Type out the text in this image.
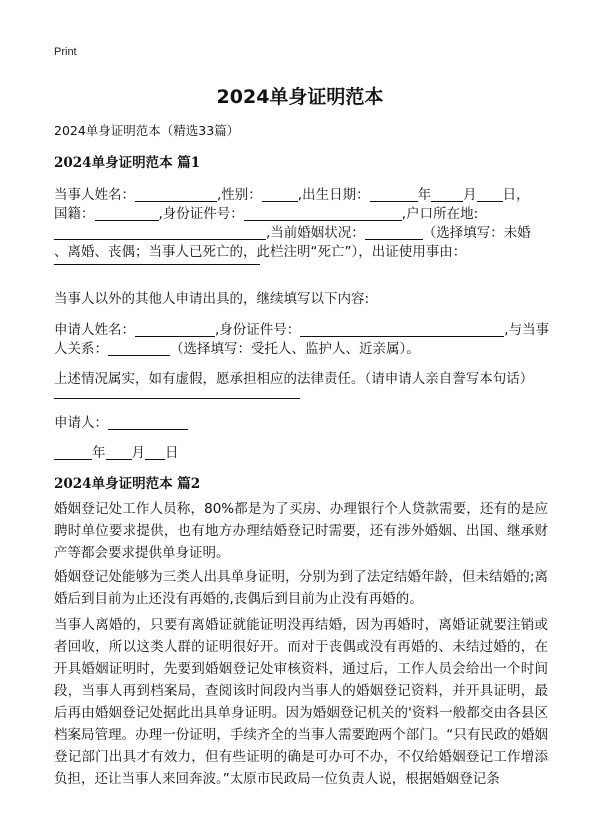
Print
2024单身证明范本
2024单身证明范本（精选33篇）
2024单身证明范本 篇1
当事人姓名：	,性别：	,出生日期：	年 月 日，
国籍：	,身份证件号：	,户口所在地:
,当前婚姻状况：	（选择填写：未婚
、离婚、丧偶；当事人已死亡的，此栏注明“死亡”），出证使用事由：
当事人以外的其他人申请出具的，继续填写以下内容:
申请人姓名：	,身份证件号：	,与当事
人关系：	（选择填写：受托人、监护人、近亲属）。
上述情况属实，如有虚假，愿承担相应的法律责任。（请申请人亲自誊写本句话）
申请人：
年 月 日
2024单身证明范本 篇2
婚姻登记处工作人员称，80%都是为了买房、办理银行个人贷款需要，还有的是应聘时单位要求提供，也有地方办理结婚登记时需要，还有涉外婚姻、出国、继承财产等都会要求提供单身证明。
婚姻登记处能够为三类人出具单身证明，分别为到了法定结婚年龄，但未结婚的;离婚后到目前为止还没有再婚的,丧偶后到目前为止没有再婚的。
当事人离婚的，只要有离婚证就能证明没再结婚，因为再婚时，离婚证就要注销或者回收，所以这类人群的证明很好开。而对于丧偶或没有再婚的、未结过婚的，在开具婚姻证明时，先要到婚姻登记处审核资料，通过后，工作人员会给出一个时间段，当事人再到档案局，查阅该时间段内当事人的婚姻登记资料，并开具证明，最后再由婚姻登记处据此出具单身证明。因为婚姻登记机关的'资料一般都交由各县区档案局管理。办理一份证明，手续齐全的当事人需要跑两个部门。“只有民政的婚姻登记部门出具才有效力，但有些证明的确是可办可不办，不仅给婚姻登记工作增添负担，还让当事人来回奔波。”太原市民政局一位负责人说，根据婚姻登记条
